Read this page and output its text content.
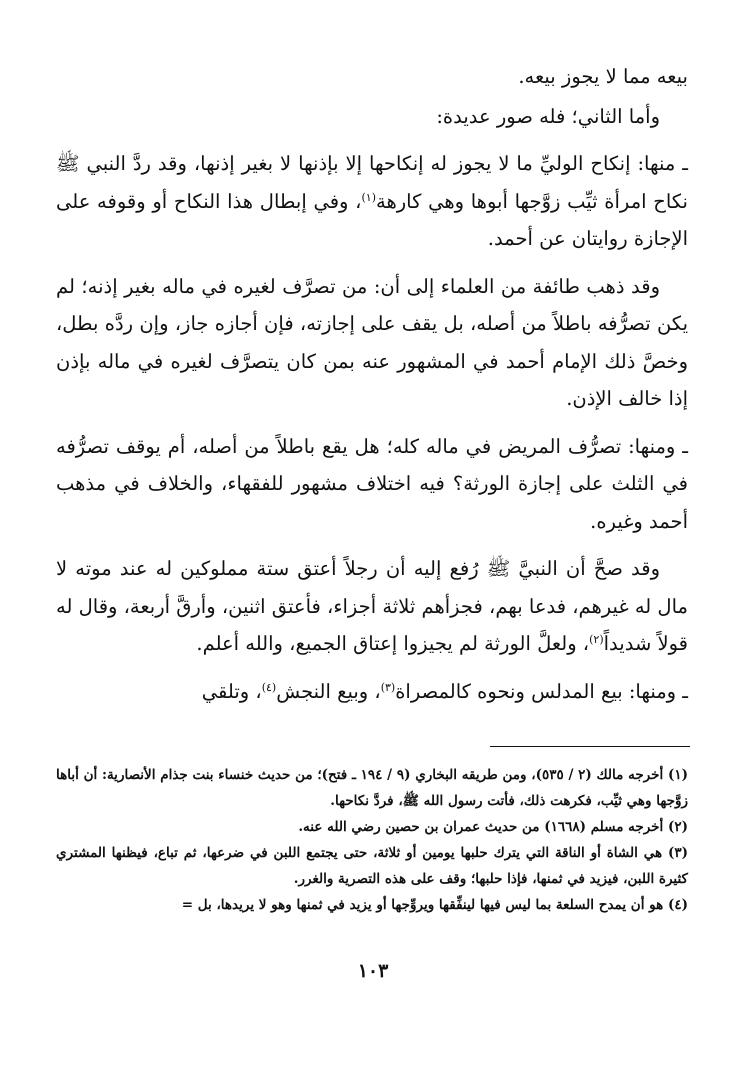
بيعه مما لا يجوز بيعه.

وأما الثاني؛ فله صور عديدة:

ـ منها: إنكاح الوليِّ ما لا يجوز له إنكاحها إلا بإذنها لا بغير إذنها، وقد ردَّ النبي ﷺ نكاح امرأة ثيِّب زوَّجها أبوها وهي كارهة$^{(١)}$، وفي إبطال هذا النكاح أو وقوفه على الإجازة روايتان عن أحمد.

وقد ذهب طائفة من العلماء إلى أن: من تصرَّف لغيره في ماله بغير إذنه؛ لم يكن تصرُّفه باطلاً من أصله، بل يقف على إجازته، فإن أجازه جاز، وإن ردَّه بطل، وخصَّ ذلك الإمام أحمد في المشهور عنه بمن كان يتصرَّف لغيره في ماله بإذن إذا خالف الإذن.

ـ ومنها: تصرُّف المريض في ماله كله؛ هل يقع باطلاً من أصله، أم يوقف تصرُّفه في الثلث على إجازة الورثة؟ فيه اختلاف مشهور للفقهاء، والخلاف في مذهب أحمد وغيره.

وقد صحَّ أن النبيَّ ﷺ رُفع إليه أن رجلاً أعتق ستة مملوكين له عند موته لا مال له غيرهم، فدعا بهم، فجزأهم ثلاثة أجزاء، فأعتق اثنين، وأرقَّ أربعة، وقال له قولاً شديداً$^{(٢)}$، ولعلَّ الورثة لم يجيزوا إعتاق الجميع، والله أعلم.

ـ ومنها: بيع المدلس ونحوه كالمصراة$^{(٣)}$، وبيع النجش$^{(٤)}$، وتلقي

(١) أخرجه مالك (٢ / ٥٣٥)، ومن طريقه البخاري (٩ / ١٩٤ ـ فتح)؛ من حديث خنساء بنت جذام الأنصارية: أن أباها زوَّجها وهي ثيِّب، فكرهت ذلك، فأتت رسول الله ﷺ، فردَّ نكاحها.

(٢) أخرجه مسلم (١٦٦٨) من حديث عمران بن حصين رضي الله عنه.

(٣) هي الشاة أو الناقة التي يترك حلبها يومين أو ثلاثة، حتى يجتمع اللبن في ضرعها، ثم تباع، فيظنها المشتري كثيرة اللبن، فيزيد في ثمنها، فإذا حلبها؛ وقف على هذه التصرية والغرر.

(٤) هو أن يمدح السلعة بما ليس فيها لينفِّقها ويروِّجها أو يزيد في ثمنها وهو لا يريدها، بل =

١٠٣
